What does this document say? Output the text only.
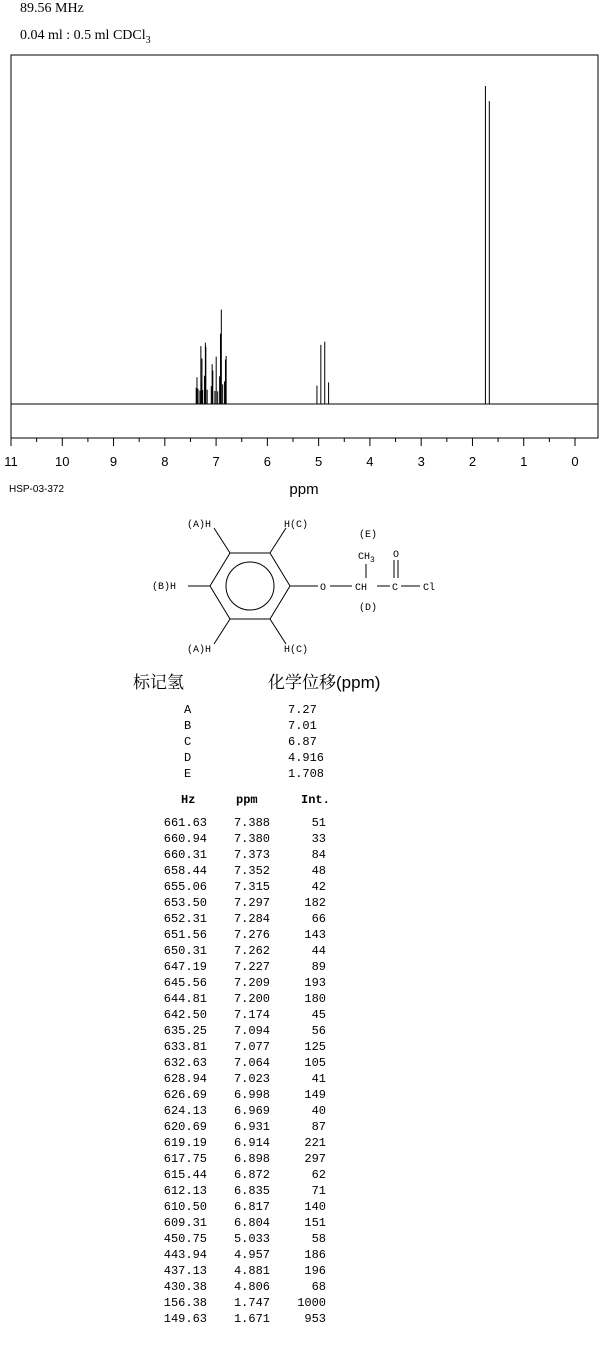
89.56 MHz
0.04 ml : 0.5 ml CDCl$_3$
11	10	9	8	7	6	5	4	3	2	1	0
ppm
HSP-03-372
(A)H	H(C)
(B)H
(A)H	H(C)
(E)
$CH_3$ O
O	CH C Cl
(D)
标记氢	化学位移(ppm)
A	7.27
B	7.01
C	6.87
D	4.916
E	1.708
Hz	ppm	Int.
661.63 7.388	51
660.94 7.380	33
660.31 7.373	84
658.44 7.352	48
655.06 7.315	42
653.50 7.297	182
652.31 7.284	66
651.56 7.276	143
650.31 7.262	44
647.19 7.227	89
645.56 7.209	193
644.81 7.200	180
642.50 7.174	45
635.25 7.094	56
633.81 7.077	125
632.63 7.064	105
628.94 7.023	41
626.69 6.998	149
624.13 6.969	40
620.69 6.931	87
619.19 6.914	221
617.75 6.898	297
615.44 6.872	62
612.13 6.835	71
610.50 6.817	140
609.31 6.804	151
450.75 5.033	58
443.94 4.957	186
437.13 4.881	196
430.38 4.806	68
156.38 1.747 1000
149.63 1.671	953
